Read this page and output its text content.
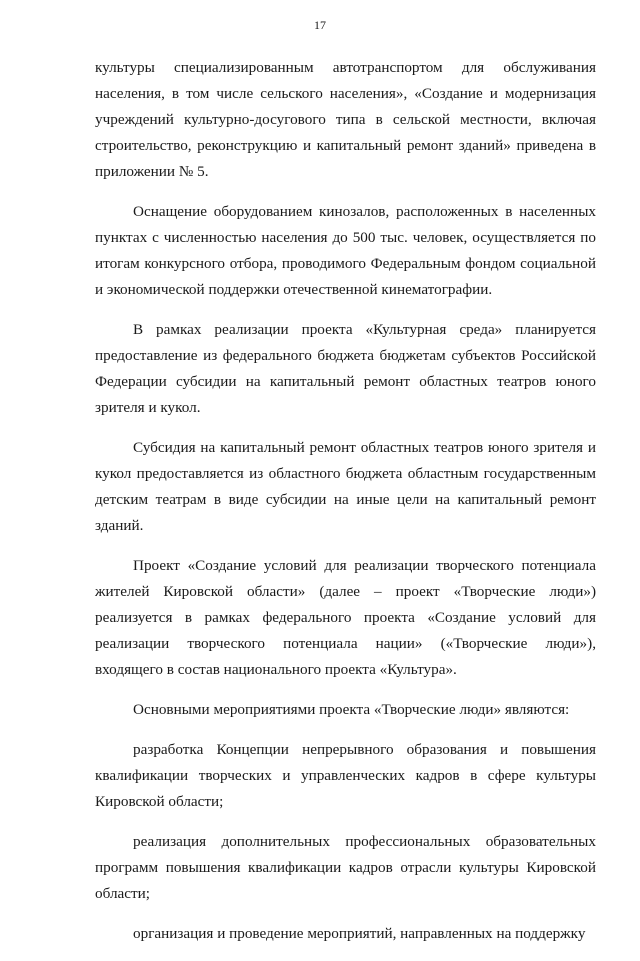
17

культуры специализированным автотранспортом для обслуживания населения, в том числе сельского населения», «Создание и модернизация учреждений культурно-досугового типа в сельской местности, включая строительство, реконструкцию и капитальный ремонт зданий» приведена в приложении № 5.

Оснащение оборудованием кинозалов, расположенных в населенных пунктах с численностью населения до 500 тыс. человек, осуществляется по итогам конкурсного отбора, проводимого Федеральным фондом социальной и экономической поддержки отечественной кинематографии.

В рамках реализации проекта «Культурная среда» планируется предоставление из федерального бюджета бюджетам субъектов Российской Федерации субсидии на капитальный ремонт областных театров юного зрителя и кукол.

Субсидия на капитальный ремонт областных театров юного зрителя и кукол предоставляется из областного бюджета областным государственным детским театрам в виде субсидии на иные цели на капитальный ремонт зданий.

Проект «Создание условий для реализации творческого потенциала жителей Кировской области» (далее – проект «Творческие люди») реализуется в рамках федерального проекта «Создание условий для реализации творческого потенциала нации» («Творческие люди»), входящего в состав национального проекта «Культура».

Основными мероприятиями проекта «Творческие люди» являются:

разработка Концепции непрерывного образования и повышения квалификации творческих и управленческих кадров в сфере культуры Кировской области;

реализация дополнительных профессиональных образовательных программ повышения квалификации кадров отрасли культуры Кировской области;

организация и проведение мероприятий, направленных на поддержку
